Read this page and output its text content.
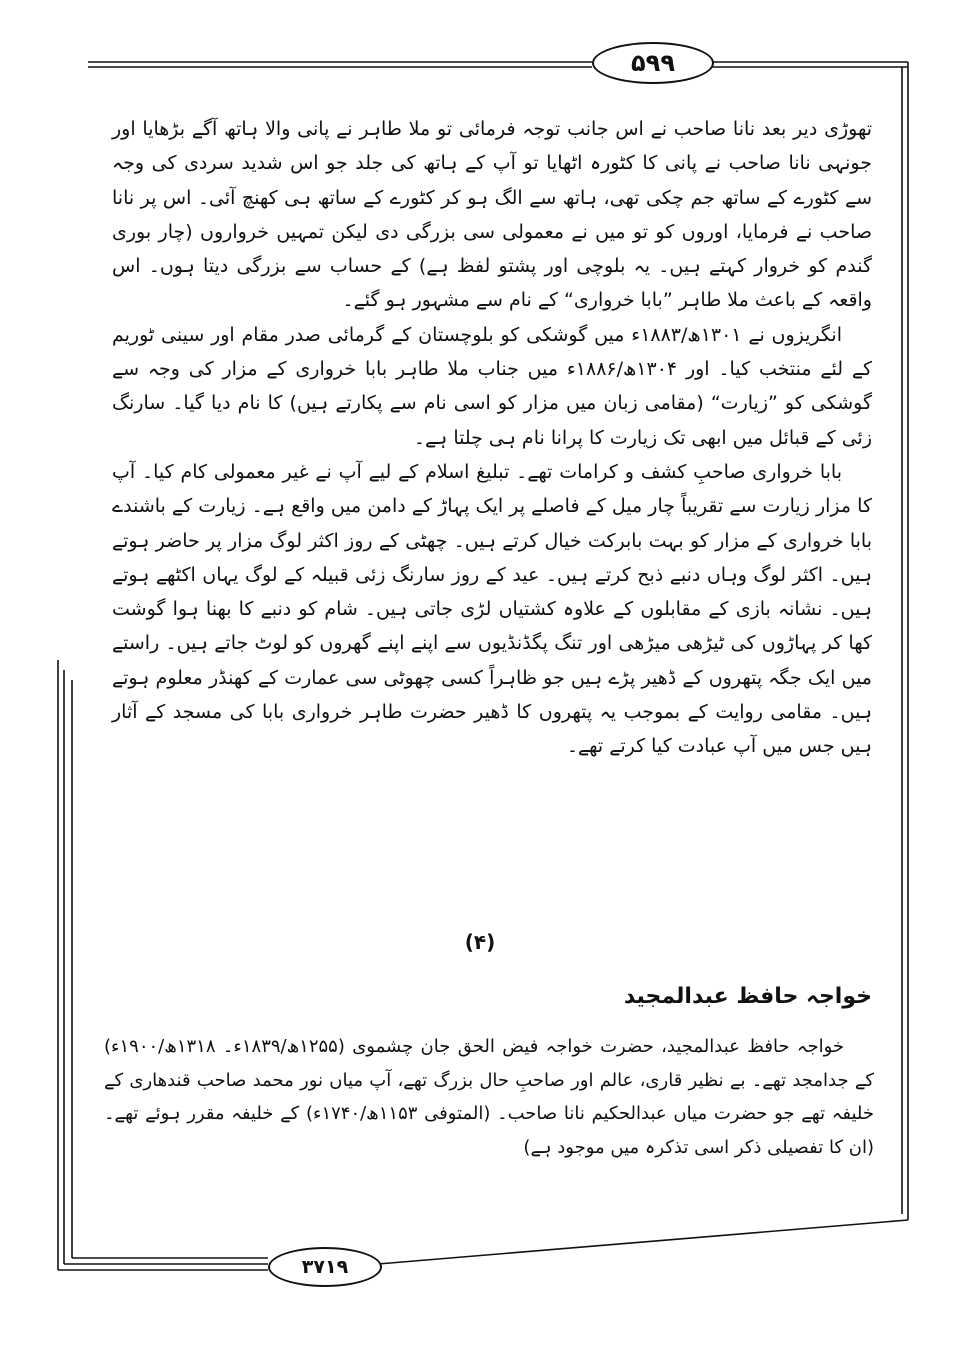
۵۹۹

تھوڑی دیر بعد نانا صاحب نے اس جانب توجہ فرمائی تو ملا طاہر نے پانی والا ہاتھ آگے بڑھایا اور جونہی نانا صاحب نے پانی کا کٹورہ اٹھایا تو آپ کے ہاتھ کی جلد جو اس شدید سردی کی وجہ سے کٹورے کے ساتھ جم چکی تھی، ہاتھ سے الگ ہو کر کٹورے کے ساتھ ہی کھنچ آئی۔ اس پر نانا صاحب نے فرمایا، اوروں کو تو میں نے معمولی سی بزرگی دی لیکن تمہیں خرواروں (چار بوری گندم کو خروار کہتے ہیں۔ یہ بلوچی اور پشتو لفظ ہے) کے حساب سے بزرگی دیتا ہوں۔ اس واقعہ کے باعث ملا طاہر ”بابا خرواری“ کے نام سے مشہور ہو گئے۔

انگریزوں نے ۱۳۰۱ھ/۱۸۸۳ء میں گوشکی کو بلوچستان کے گرمائی صدر مقام اور سینی ٹوریم کے لئے منتخب کیا۔ اور ۱۳۰۴ھ/۱۸۸۶ء میں جناب ملا طاہر بابا خرواری کے مزار کی وجہ سے گوشکی کو ”زیارت“ (مقامی زبان میں مزار کو اسی نام سے پکارتے ہیں) کا نام دیا گیا۔ سارنگ زئی کے قبائل میں ابھی تک زیارت کا پرانا نام ہی چلتا ہے۔

بابا خرواری صاحبِ کشف و کرامات تھے۔ تبلیغ اسلام کے لیے آپ نے غیر معمولی کام کیا۔ آپ کا مزار زیارت سے تقریباً چار میل کے فاصلے پر ایک پہاڑ کے دامن میں واقع ہے۔ زیارت کے باشندے بابا خرواری کے مزار کو بہت بابرکت خیال کرتے ہیں۔ چھٹی کے روز اکثر لوگ مزار پر حاضر ہوتے ہیں۔ اکثر لوگ وہاں دنبے ذبح کرتے ہیں۔ عید کے روز سارنگ زئی قبیلہ کے لوگ یہاں اکٹھے ہوتے ہیں۔ نشانہ بازی کے مقابلوں کے علاوہ کشتیاں لڑی جاتی ہیں۔ شام کو دنبے کا بھنا ہوا گوشت کھا کر پہاڑوں کی ٹیڑھی میڑھی اور تنگ پگڈنڈیوں سے اپنے اپنے گھروں کو لوٹ جاتے ہیں۔ راستے میں ایک جگہ پتھروں کے ڈھیر پڑے ہیں جو ظاہراً کسی چھوٹی سی عمارت کے کھنڈر معلوم ہوتے ہیں۔ مقامی روایت کے بموجب یہ پتھروں کا ڈھیر حضرت طاہر خرواری بابا کی مسجد کے آثار ہیں جس میں آپ عبادت کیا کرتے تھے۔

(۴)
خواجہ حافظ عبدالمجید

خواجہ حافظ عبدالمجید، حضرت خواجہ فیض الحق جان چشموی (۱۲۵۵ھ/۱۸۳۹ء۔ ۱۳۱۸ھ/۱۹۰۰ء) کے جدامجد تھے۔ بے نظیر قاری، عالم اور صاحبِ حال بزرگ تھے، آپ میاں نور محمد صاحب قندھاری کے خلیفہ تھے جو حضرت میاں عبدالحکیم نانا صاحب۔ (المتوفی ۱۱۵۳ھ/۱۷۴۰ء) کے خلیفہ مقرر ہوئے تھے۔ (ان کا تفصیلی ذکر اسی تذکرہ میں موجود ہے)

۳۷۱۹
